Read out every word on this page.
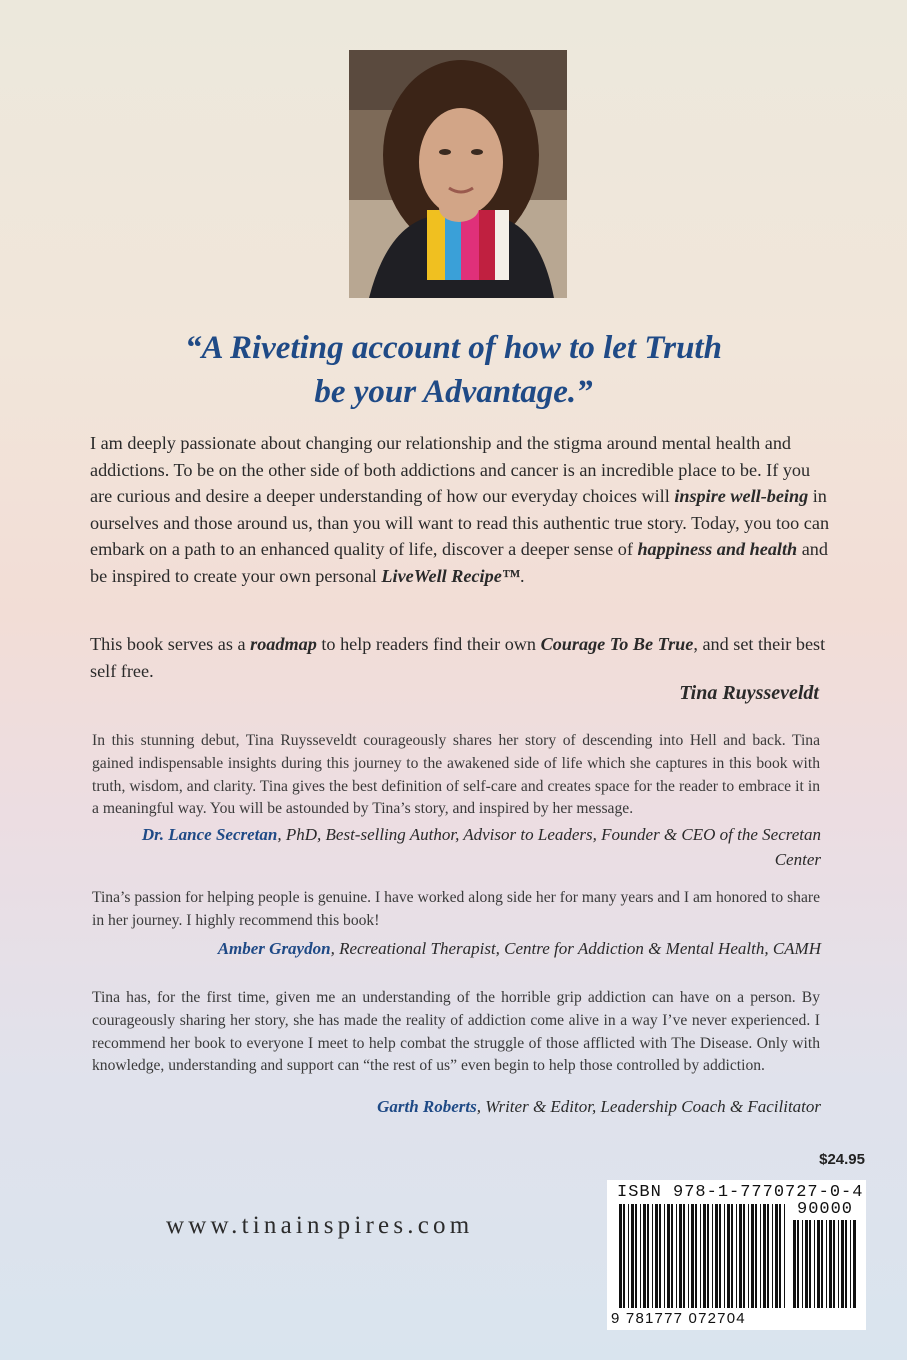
“A Riveting account of how to let Truth
be your Advantage.”
I am deeply passionate about changing our relationship and the stigma around mental health and addictions. To be on the other side of both addictions and cancer is an incredible place to be. If you are curious and desire a deeper understanding of how our everyday choices will inspire well-being in ourselves and those around us, than you will want to read this authentic true story. Today, you too can embark on a path to an enhanced quality of life, discover a deeper sense of happiness and health and be inspired to create your own personal LiveWell Recipe™.
This book serves as a roadmap to help readers find their own Courage To Be True, and set their best self free.
Tina Ruysseveldt
In this stunning debut, Tina Ruysseveldt courageously shares her story of descending into Hell and back. Tina gained indispensable insights during this journey to the awakened side of life which she captures in this book with truth, wisdom, and clarity. Tina gives the best definition of self-care and creates space for the reader to embrace it in a meaningful way. You will be astounded by Tina’s story, and inspired by her message.
Dr. Lance Secretan, PhD, Best-selling Author, Advisor to Leaders, Founder & CEO of the Secretan Center
Tina’s passion for helping people is genuine. I have worked along side her for many years and I am honored to share in her journey. I highly recommend this book!
Amber Graydon, Recreational Therapist, Centre for Addiction & Mental Health, CAMH
Tina has, for the first time, given me an understanding of the horrible grip addiction can have on a person. By courageously sharing her story, she has made the reality of addiction come alive in a way I’ve never experienced. I recommend her book to everyone I meet to help combat the struggle of those afflicted with The Disease. Only with knowledge, understanding and support can “the rest of us” even begin to help those controlled by addiction.
Garth Roberts, Writer & Editor, Leadership Coach & Facilitator
$24.95
www.tinainspires.com
ISBN 978-1-7770727-0-4
90000
9 781777 072704
